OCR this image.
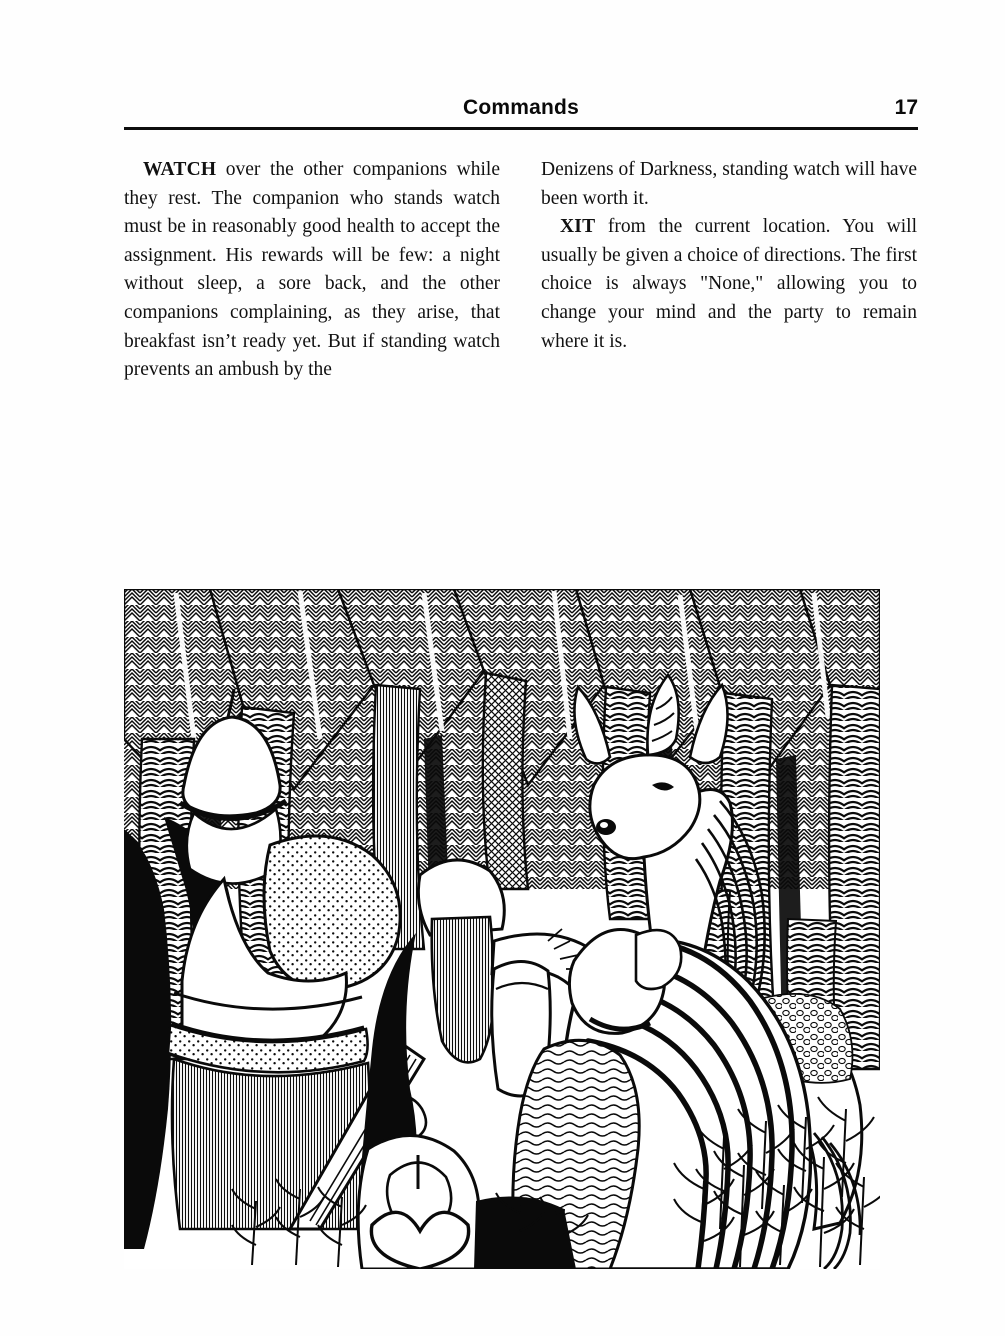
Commands	17

WATCH over the other companions while they rest. The companion who stands watch must be in reasonably good health to accept the assignment. His rewards will be few: a night without sleep, a sore back, and the other companions complaining, as they arise, that breakfast isn’t ready yet. But if standing watch prevents an ambush by the

Denizens of Darkness, standing watch will have been worth it.

XIT from the current location. You will usually be given a choice of directions. The first choice is always "None," allowing you to change your mind and the party to remain where it is.
